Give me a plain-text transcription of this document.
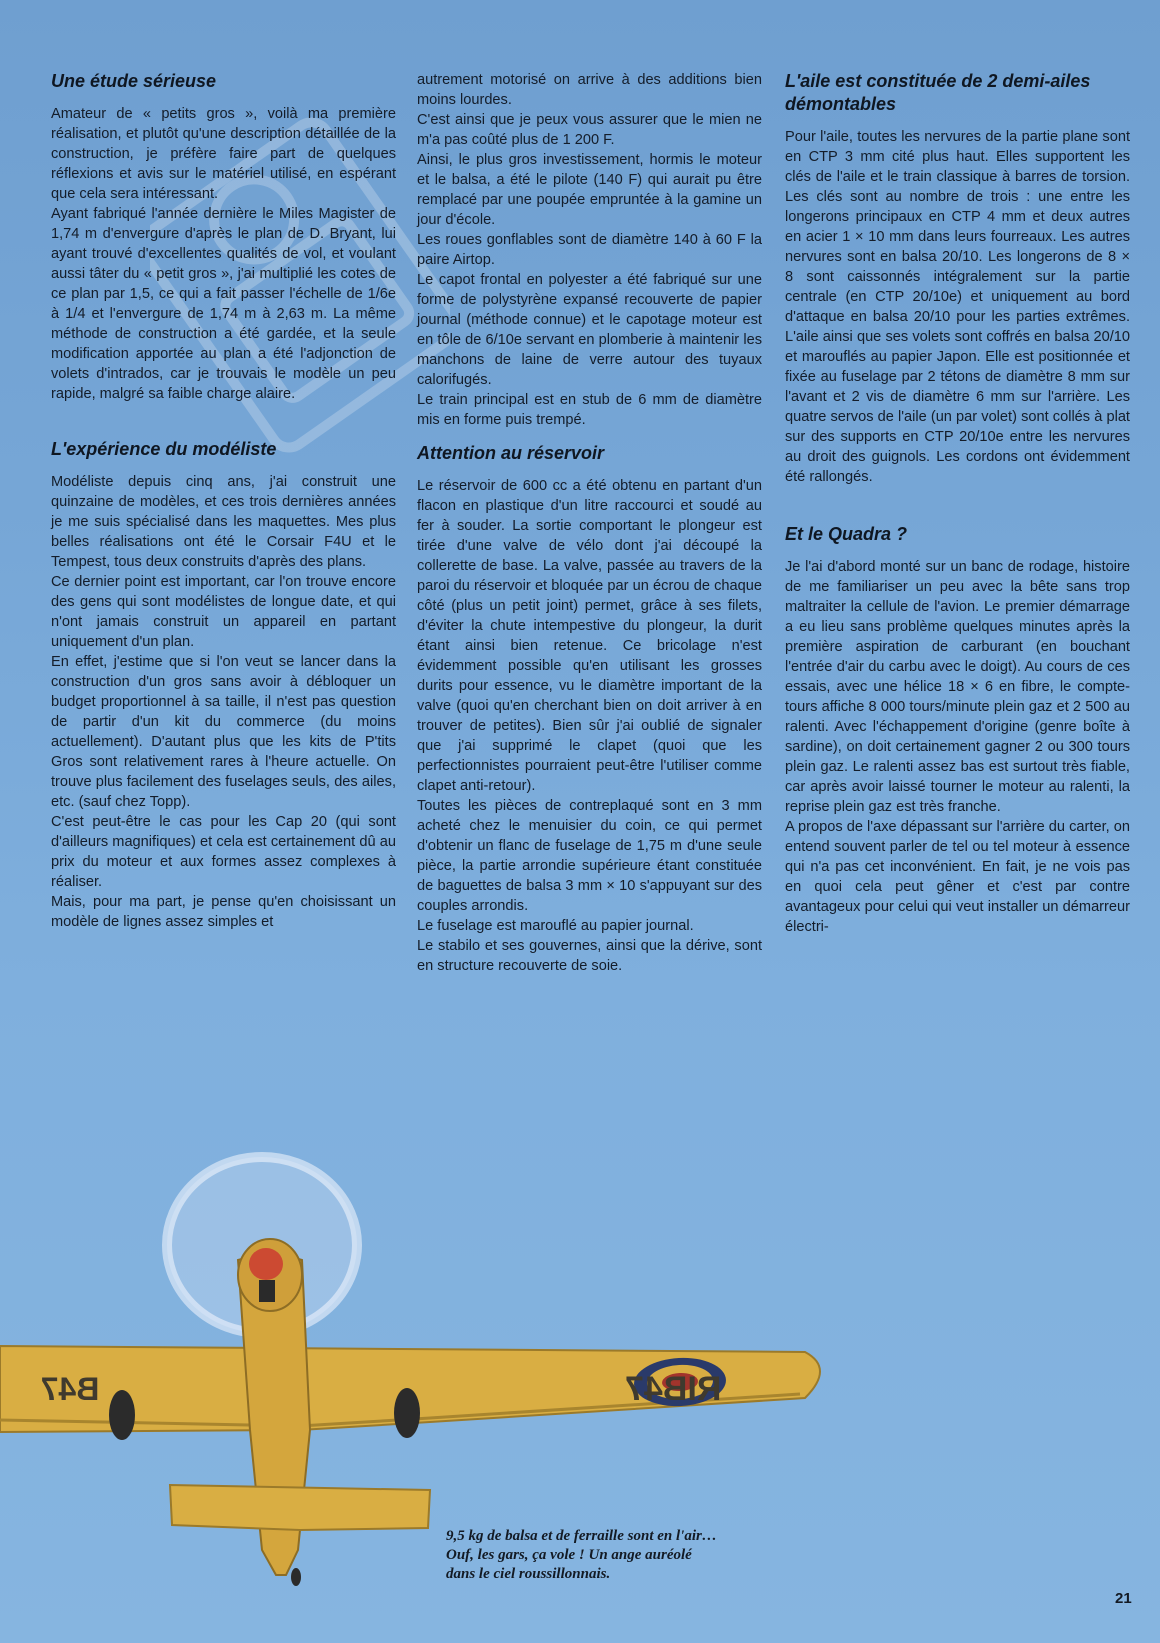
Une étude sérieuse

Amateur de « petits gros », voilà ma première réalisation, et plutôt qu'une description détaillée de la construction, je préfère faire part de quelques réflexions et avis sur le matériel utilisé, en espérant que cela sera intéressant.

Ayant fabriqué l'année dernière le Miles Magister de 1,74 m d'envergure d'après le plan de D. Bryant, lui ayant trouvé d'excellentes qualités de vol, et voulant aussi tâter du « petit gros », j'ai multiplié les cotes de ce plan par 1,5, ce qui a fait passer l'échelle de 1/6e à 1/4 et l'envergure de 1,74 m à 2,63 m. La même méthode de construction a été gardée, et la seule modification apportée au plan a été l'adjonction de volets d'intrados, car je trouvais le modèle un peu rapide, malgré sa faible charge alaire.

L'expérience du modéliste

Modéliste depuis cinq ans, j'ai construit une quinzaine de modèles, et ces trois dernières années je me suis spécialisé dans les maquettes. Mes plus belles réalisations ont été le Corsair F4U et le Tempest, tous deux construits d'après des plans.

Ce dernier point est important, car l'on trouve encore des gens qui sont modélistes de longue date, et qui n'ont jamais construit un appareil en partant uniquement d'un plan.

En effet, j'estime que si l'on veut se lancer dans la construction d'un gros sans avoir à débloquer un budget proportionnel à sa taille, il n'est pas question de partir d'un kit du commerce (du moins actuellement). D'autant plus que les kits de P'tits Gros sont relativement rares à l'heure actuelle. On trouve plus facilement des fuselages seuls, des ailes, etc. (sauf chez Topp).

C'est peut-être le cas pour les Cap 20 (qui sont d'ailleurs magnifiques) et cela est certainement dû au prix du moteur et aux formes assez complexes à réaliser.

Mais, pour ma part, je pense qu'en choisissant un modèle de lignes assez simples et

autrement motorisé on arrive à des additions bien moins lourdes.

C'est ainsi que je peux vous assurer que le mien ne m'a pas coûté plus de 1 200 F.

Ainsi, le plus gros investissement, hormis le moteur et le balsa, a été le pilote (140 F) qui aurait pu être remplacé par une poupée empruntée à la gamine un jour d'école.

Les roues gonflables sont de diamètre 140 à 60 F la paire Airtop.

Le capot frontal en polyester a été fabriqué sur une forme de polystyrène expansé recouverte de papier journal (méthode connue) et le capotage moteur est en tôle de 6/10e servant en plomberie à maintenir les manchons de laine de verre autour des tuyaux calorifugés.

Le train principal est en stub de 6 mm de diamètre mis en forme puis trempé.

Attention au réservoir

Le réservoir de 600 cc a été obtenu en partant d'un flacon en plastique d'un litre raccourci et soudé au fer à souder. La sortie comportant le plongeur est tirée d'une valve de vélo dont j'ai découpé la collerette de base. La valve, passée au travers de la paroi du réservoir et bloquée par un écrou de chaque côté (plus un petit joint) permet, grâce à ses filets, d'éviter la chute intempestive du plongeur, la durit étant ainsi bien retenue. Ce bricolage n'est évidemment possible qu'en utilisant les grosses durits pour essence, vu le diamètre important de la valve (quoi qu'en cherchant bien on doit arriver à en trouver de petites). Bien sûr j'ai oublié de signaler que j'ai supprimé le clapet (quoi que les perfectionnistes pourraient peut-être l'utiliser comme clapet anti-retour).

Toutes les pièces de contreplaqué sont en 3 mm acheté chez le menuisier du coin, ce qui permet d'obtenir un flanc de fuselage de 1,75 m d'une seule pièce, la partie arrondie supérieure étant constituée de baguettes de balsa 3 mm × 10 s'appuyant sur des couples arrondis.

Le fuselage est marouflé au papier journal.

Le stabilo et ses gouvernes, ainsi que la dérive, sont en structure recouverte de soie.

L'aile est constituée de 2 demi-ailes démontables

Pour l'aile, toutes les nervures de la partie plane sont en CTP 3 mm cité plus haut. Elles supportent les clés de l'aile et le train classique à barres de torsion. Les clés sont au nombre de trois : une entre les longerons principaux en CTP 4 mm et deux autres en acier 1 × 10 mm dans leurs fourreaux. Les autres nervures sont en balsa 20/10. Les longerons de 8 × 8 sont caissonnés intégralement sur la partie centrale (en CTP 20/10e) et uniquement au bord d'attaque en balsa 20/10 pour les parties extrêmes. L'aile ainsi que ses volets sont coffrés en balsa 20/10 et marouflés au papier Japon. Elle est positionnée et fixée au fuselage par 2 tétons de diamètre 8 mm sur l'avant et 2 vis de diamètre 6 mm sur l'arrière. Les quatre servos de l'aile (un par volet) sont collés à plat sur des supports en CTP 20/10e entre les nervures au droit des guignols. Les cordons ont évidemment été rallongés.

Et le Quadra ?

Je l'ai d'abord monté sur un banc de rodage, histoire de me familiariser un peu avec la bête sans trop maltraiter la cellule de l'avion. Le premier démarrage a eu lieu sans problème quelques minutes après la première aspiration de carburant (en bouchant l'entrée d'air du carbu avec le doigt). Au cours de ces essais, avec une hélice 18 × 6 en fibre, le compte-tours affiche 8 000 tours/minute plein gaz et 2 500 au ralenti. Avec l'échappement d'origine (genre boîte à sardine), on doit certainement gagner 2 ou 300 tours plein gaz. Le ralenti assez bas est surtout très fiable, car après avoir laissé tourner le moteur au ralenti, la reprise plein gaz est très franche.

A propos de l'axe dépassant sur l'arrière du carter, on entend souvent parler de tel ou tel moteur à essence qui n'a pas cet inconvénient. En fait, je ne vois pas en quoi cela peut gêner et c'est par contre avantageux pour celui qui veut installer un démarreur électri-

RIB47
B47
9,5 kg de balsa et de ferraille sont en l'air…
Ouf, les gars, ça vole ! Un ange auréolé
dans le ciel roussillonnais.
21
